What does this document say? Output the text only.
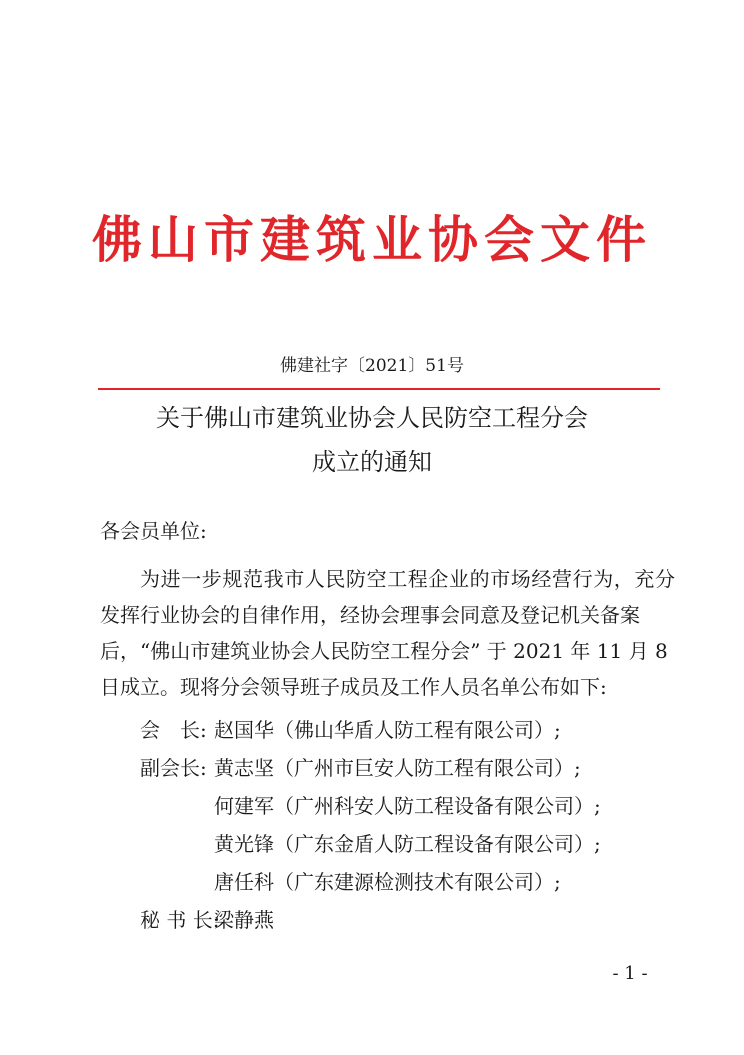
佛山市建筑业协会文件
佛建社字〔2021〕51号
关于佛山市建筑业协会人民防空工程分会
成立的通知
各会员单位:
为进一步规范我市人民防空工程企业的市场经营行为，充分
发挥行业协会的自律作用，经协会理事会同意及登记机关备案
后，“佛山市建筑业协会人民防空工程分会” 于 2021 年 11 月 8
日成立。现将分会领导班子成员及工作人员名单公布如下:
会　长: 赵国华（佛山华盾人防工程有限公司）;
副会长: 黄志坚（广州市巨安人防工程有限公司）;
何建军（广州科安人防工程设备有限公司）;
黄光锋（广东金盾人防工程设备有限公司）;
唐任科（广东建源检测技术有限公司）;
秘 书 长:
梁静燕
- 1 -
